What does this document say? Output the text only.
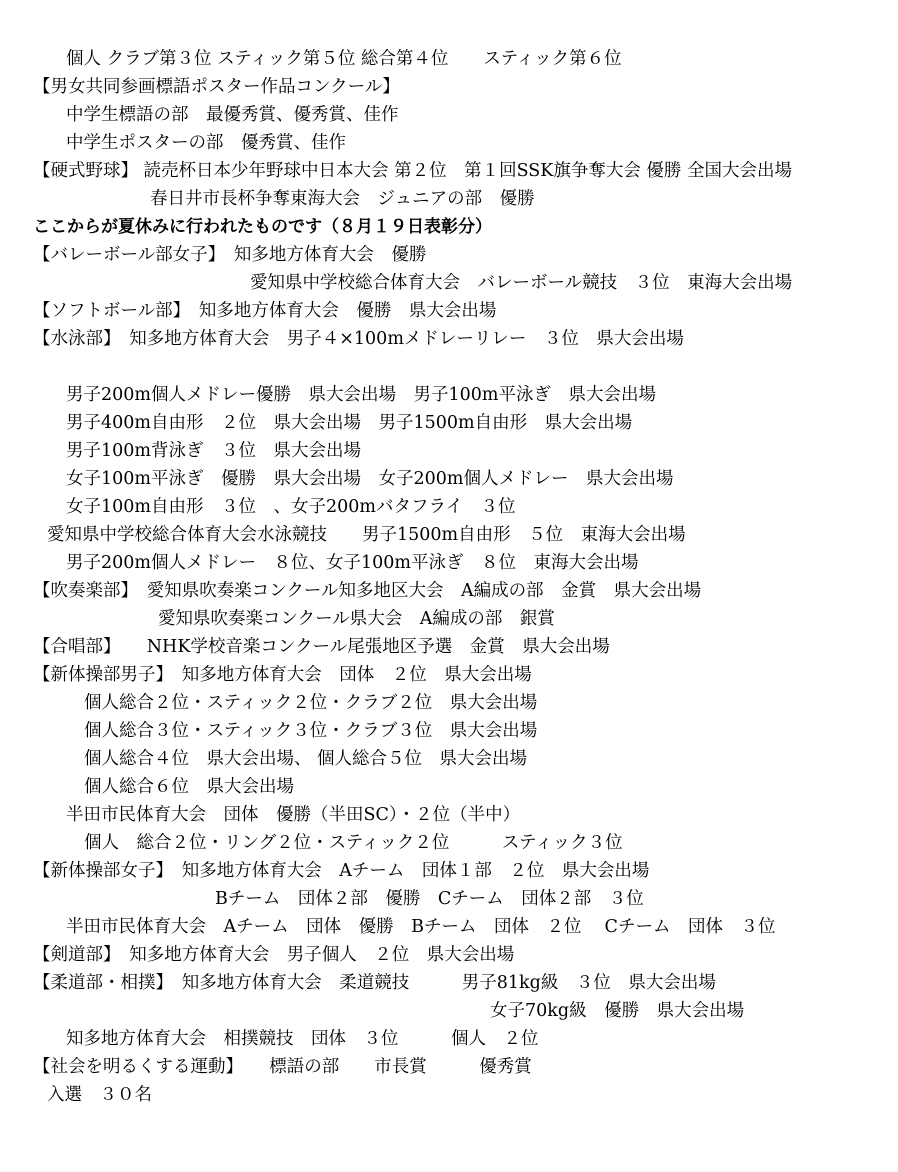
個人 クラブ第３位 スティック第５位 総合第４位　　スティック第６位
【男女共同参画標語ポスター作品コンクール】
中学生標語の部　最優秀賞、優秀賞、佳作
中学生ポスターの部　優秀賞、佳作
【硬式野球】 読売杯日本少年野球中日本大会 第２位　第１回SSK旗争奪大会 優勝 全国大会出場
春日井市長杯争奪東海大会　ジュニアの部　優勝
ここからが夏休みに行われたものです（８月１９日表彰分）
【バレーボール部女子】　知多地方体育大会　優勝
愛知県中学校総合体育大会　バレーボール競技　３位　東海大会出場
【ソフトボール部】　知多地方体育大会　優勝　県大会出場
【水泳部】　知多地方体育大会　男子４×100mメドレーリレー　３位　県大会出場
男子200m個人メドレー優勝　県大会出場　男子100m平泳ぎ　県大会出場
男子400m自由形　２位　県大会出場　男子1500m自由形　県大会出場
男子100m背泳ぎ　３位　県大会出場
女子100m平泳ぎ　優勝　県大会出場　女子200m個人メドレー　県大会出場
女子100m自由形　３位　、女子200mバタフライ　３位
愛知県中学校総合体育大会水泳競技　　男子1500m自由形　５位　東海大会出場
男子200m個人メドレー　８位、女子100m平泳ぎ　８位　東海大会出場
【吹奏楽部】　愛知県吹奏楽コンクール知多地区大会　A編成の部　金賞　県大会出場
愛知県吹奏楽コンクール県大会　A編成の部　銀賞
【合唱部】　　NHK学校音楽コンクール尾張地区予選　金賞　県大会出場
【新体操部男子】　知多地方体育大会　団体　２位　県大会出場
個人総合２位・スティック２位・クラブ２位　県大会出場
個人総合３位・スティック３位・クラブ３位　県大会出場
個人総合４位　県大会出場、 個人総合５位　県大会出場
個人総合６位　県大会出場
半田市民体育大会　団体　優勝（半田SC）・２位（半中）
個人　総合２位・リング２位・スティック２位　　　スティック３位
【新体操部女子】　知多地方体育大会　Aチーム　団体１部　２位　県大会出場
Bチーム　団体２部　優勝　Cチーム　団体２部　３位
半田市民体育大会　Aチーム　団体　優勝　Bチーム　団体　２位　 Cチーム　団体　３位
【剣道部】　知多地方体育大会　男子個人　２位　県大会出場
【柔道部・相撲】　知多地方体育大会　柔道競技　　　男子81kg級　３位　県大会出場
女子70kg級　優勝　県大会出場
知多地方体育大会　相撲競技　団体　３位　　　個人　２位
【社会を明るくする運動】　　標語の部　　市長賞　　　優秀賞
入選　３０名
